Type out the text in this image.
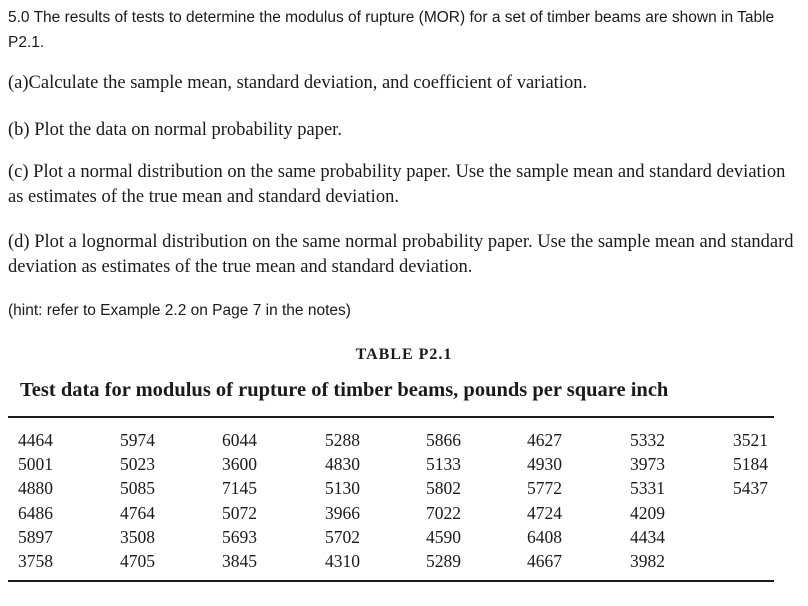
5.0 The results of tests to determine the modulus of rupture (MOR) for a set of timber beams are shown in Table P2.1.
(a)Calculate the sample mean, standard deviation, and coefficient of variation.
(b) Plot the data on normal probability paper.
(c) Plot a normal distribution on the same probability paper. Use the sample mean and standard deviation as estimates of the true mean and standard deviation.
(d) Plot a lognormal distribution on the same normal probability paper. Use the sample mean and standard deviation as estimates of the true mean and standard deviation.
(hint: refer to Example 2.2 on Page 7 in the notes)
TABLE P2.1
Test data for modulus of rupture of timber beams, pounds per square inch
4464
5001
4880
6486
5897
3758
5974
5023
5085
4764
3508
4705
6044
3600
7145
5072
5693
3845
5288
4830
5130
3966
5702
4310
5866
5133
5802
7022
4590
5289
4627
4930
5772
4724
6408
4667
5332
3973
5331
4209
4434
3982
3521
5184
5437
